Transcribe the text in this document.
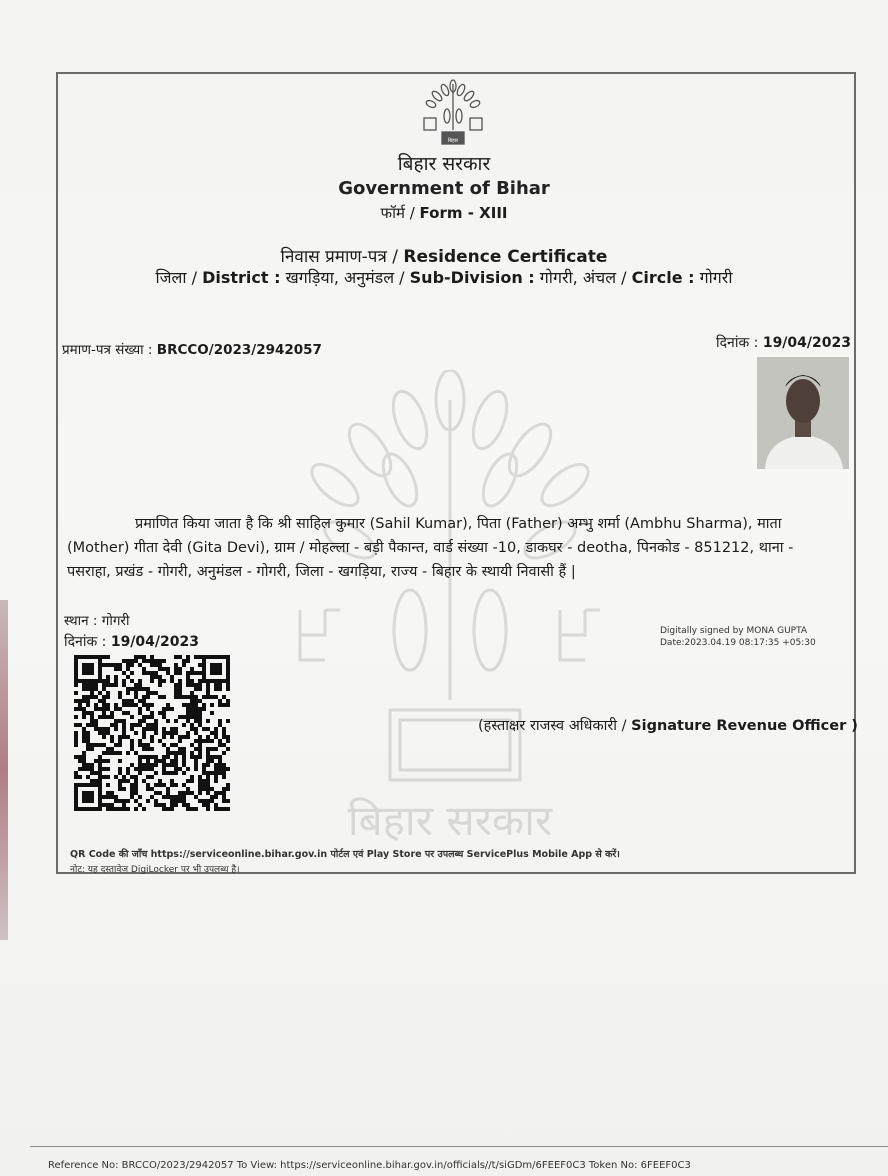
बिहार सरकार
बिहार
बिहार सरकार
Government of Bihar
फॉर्म / Form - XIII
निवास प्रमाण-पत्र / Residence Certificate
जिला / District : खगड़िया, अनुमंडल / Sub-Division : गोगरी, अंचल / Circle : गोगरी
प्रमाण-पत्र संख्या : BRCCO/2023/2942057	दिनांक : 19/04/2023
प्रमाणित किया जाता है कि श्री साहिल कुमार (Sahil Kumar), पिता (Father) अम्भु शर्मा (Ambhu Sharma), माता
(Mother) गीता देवी (Gita Devi), ग्राम / मोहल्ला - बड़ी पैकान्त, वार्ड संख्या -10, डाकघर - deotha, पिनकोड - 851212, थाना -
पसराहा, प्रखंड - गोगरी, अनुमंडल - गोगरी, जिला - खगड़िया, राज्य - बिहार के स्थायी निवासी हैं |
स्थान : गोगरी
दिनांक : 19/04/2023
Digitally signed by MONA GUPTA
Date:2023.04.19 08:17:35 +05:30
(हस्ताक्षर राजस्व अधिकारी / Signature Revenue Officer )
QR Code की जाँच https://serviceonline.bihar.gov.in पोर्टल एवं Play Store पर उपलब्ध ServicePlus Mobile App से करें।
नोट: यह दस्तावेज DigiLocker पर भी उपलब्ध है।
Reference No: BRCCO/2023/2942057 To View: https://serviceonline.bihar.gov.in/officials//t/siGDm/6FEEF0C3 Token No: 6FEEF0C3
